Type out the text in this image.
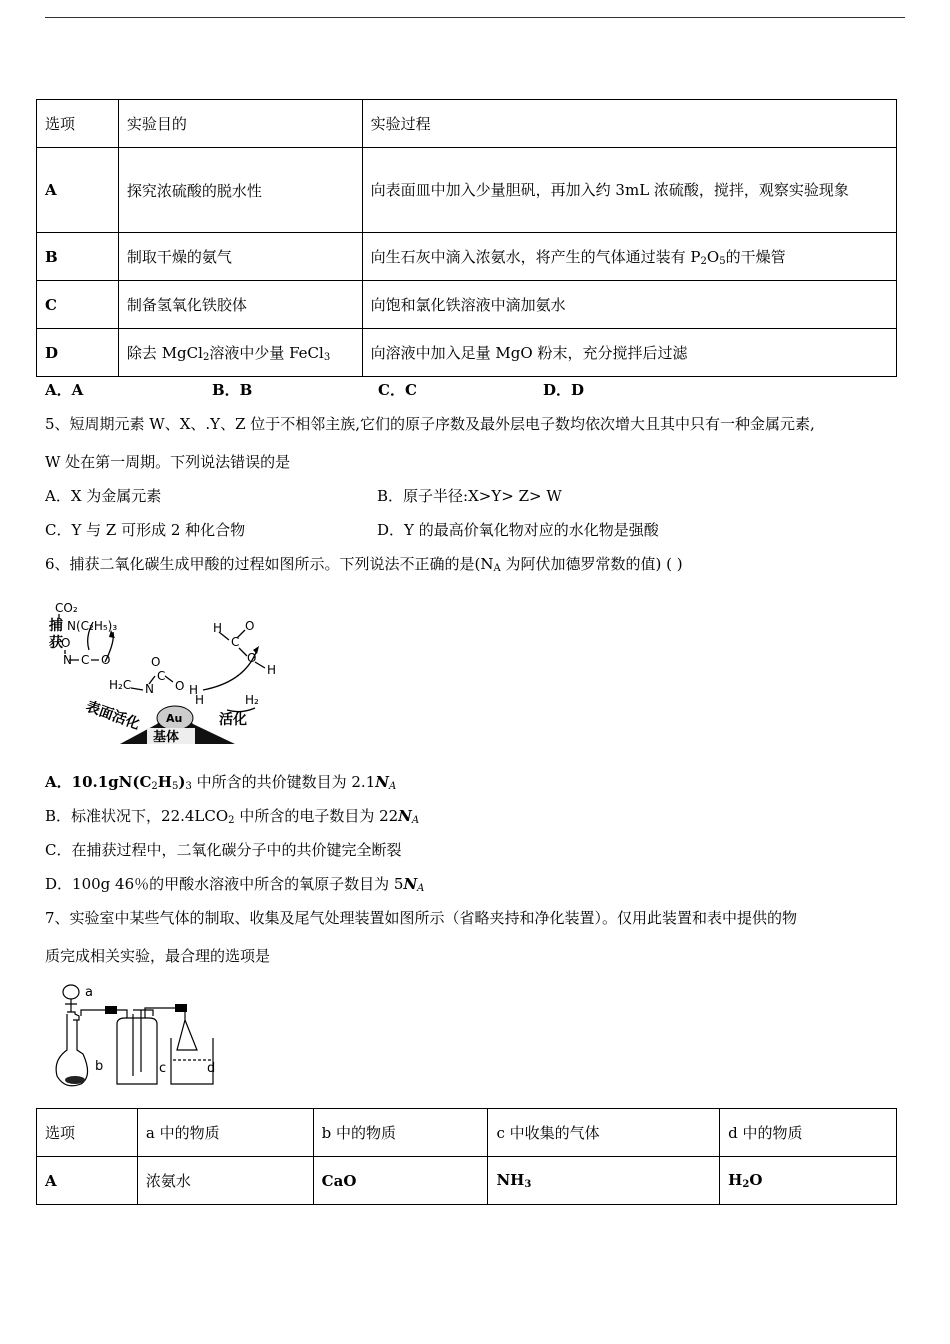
选项	实验目的	实验过程
A	探究浓硫酸的脱水性	向表面皿中加入少量胆矾，再加入约 3mL 浓硫酸，搅拌，观察实验现象
B	制取干燥的氨气	向生石灰中滴入浓氨水，将产生的气体通过装有 $P_2O_5$的干燥管
C	制备氢氧化铁胶体	向饱和氯化铁溶液中滴加氨水
D	除去 MgCl$_2$溶液中少量 FeCl$_3$	向溶液中加入足量 MgO 粉末，充分搅拌后过滤
A．A	B．B	C．C	D．D
5、短周期元素 W、X、.Y、Z 位于不相邻主族,它们的原子序数及最外层电子数均依次增大且其中只有一种金属元素,
W 处在第一周期。下列说法错误的是
A．X 为金属元素	B．原子半径:X>Y> Z> W
C．Y 与 Z 可形成 2 种化合物	D．Y 的最高价氧化物对应的水化物是强酸
6、捕获二氧化碳生成甲酸的过程如图所示。下列说法不正确的是($N_A$ 为阿伏加德罗常数的值) ( )
CO₂
捕
获
N(C₂H₅)₃
O
N C O
H₂C N
O
C
O H
H
H
C
O
O
H
H₂
活化
表面活化 Au
基体
A．$10.1gN(C_2H_5)_3$ 中所含的共价键数目为 $2.1N_A$
B．标准状况下，$22.4LCO_2$ 中所含的电子数目为 $22N_A$
C．在捕获过程中，二氧化碳分子中的共价键完全断裂
D．100g 46％的甲酸水溶液中所含的氧原子数目为 $5N_A$
7、实验室中某些气体的制取、收集及尾气处理装置如图所示（省略夹持和净化装置）。仅用此装置和表中提供的物
质完成相关实验，最合理的选项是
a
b	c	d
选项	a 中的物质	b 中的物质	c 中收集的气体	d 中的物质
A	浓氨水	CaO	$NH_3$	$H_2O$
